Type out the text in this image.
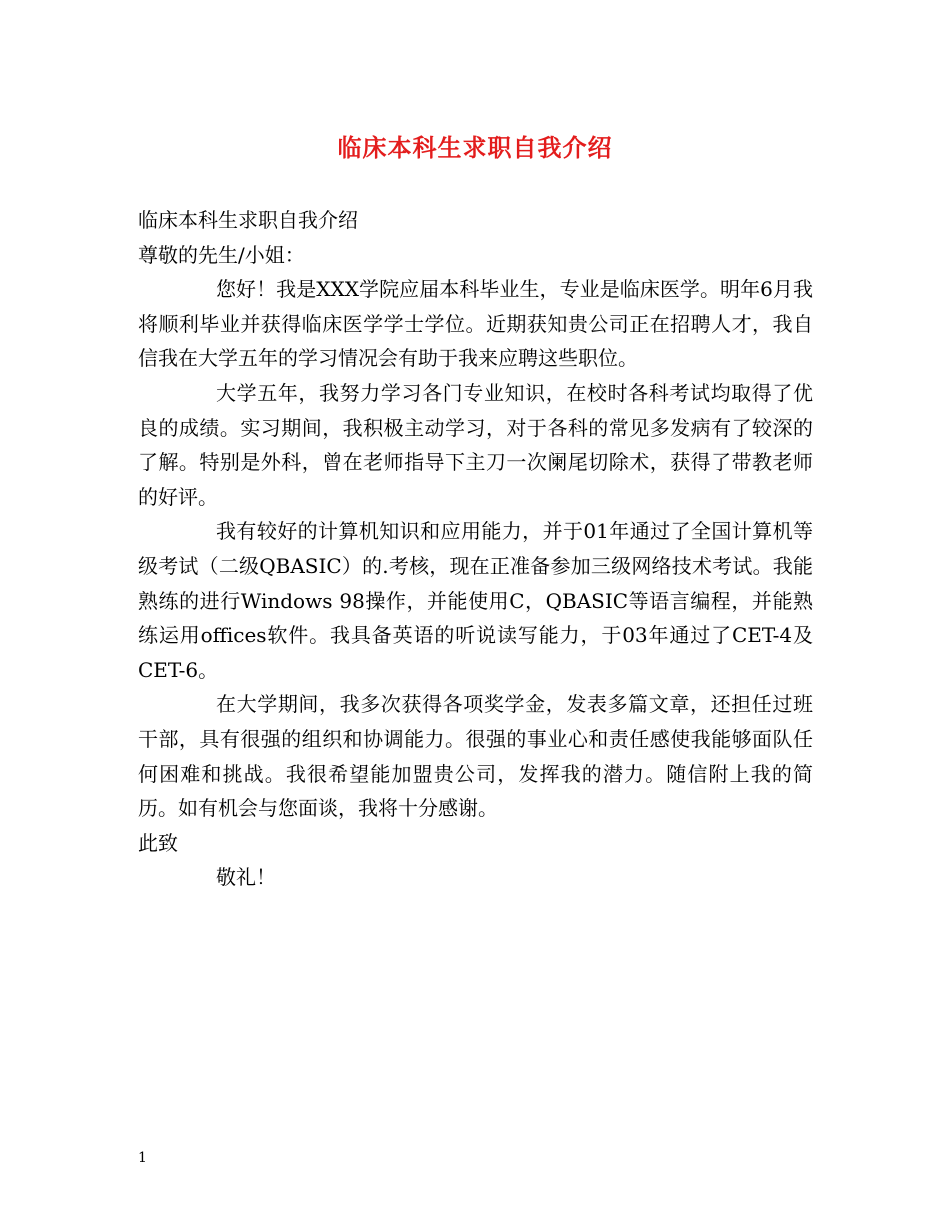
临床本科生求职自我介绍

临床本科生求职自我介绍

尊敬的先生/小姐：

您好！我是XXX学院应届本科毕业生，专业是临床医学。明年6月我将顺利毕业并获得临床医学学士学位。近期获知贵公司正在招聘人才，我自信我在大学五年的学习情况会有助于我来应聘这些职位。

大学五年，我努力学习各门专业知识，在校时各科考试均取得了优良的成绩。实习期间，我积极主动学习，对于各科的常见多发病有了较深的了解。特别是外科，曾在老师指导下主刀一次阑尾切除术，获得了带教老师的好评。

我有较好的计算机知识和应用能力，并于01年通过了全国计算机等级考试（二级QBASIC）的.考核，现在正准备参加三级网络技术考试。我能熟练的进行Windows 98操作，并能使用C，QBASIC等语言编程，并能熟练运用offices软件。我具备英语的听说读写能力，于03年通过了CET-4及CET-6。

在大学期间，我多次获得各项奖学金，发表多篇文章，还担任过班干部，具有很强的组织和协调能力。很强的事业心和责任感使我能够面队任何困难和挑战。我很希望能加盟贵公司，发挥我的潜力。随信附上我的简历。如有机会与您面谈，我将十分感谢。

此致

敬礼！

1
